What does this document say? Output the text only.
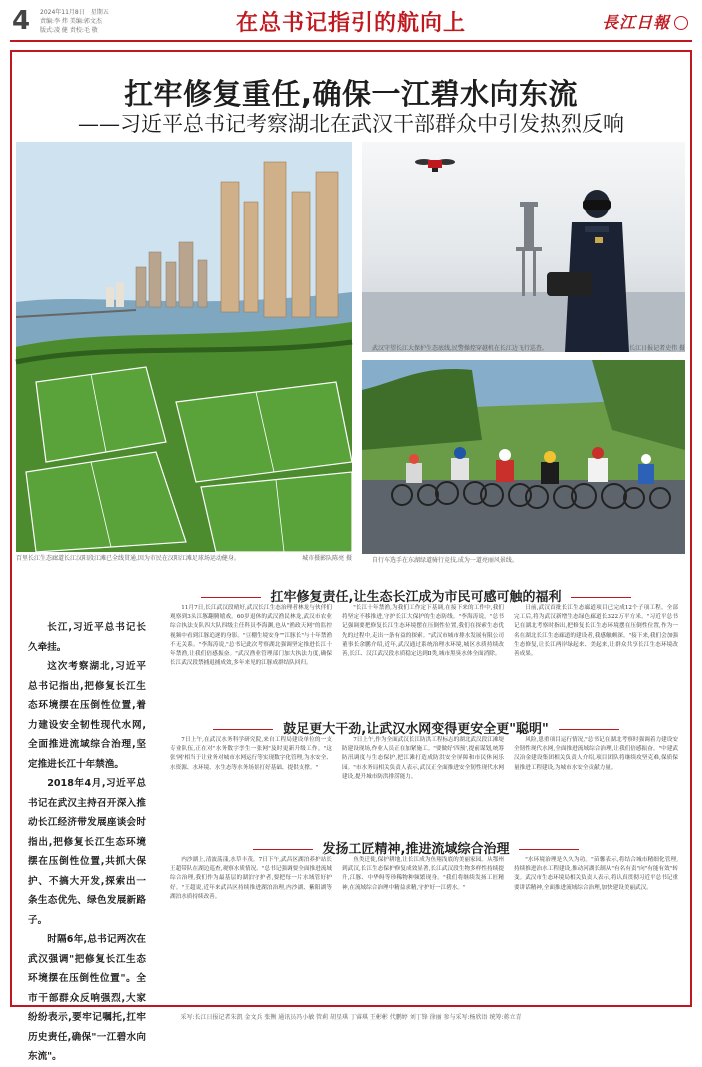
4 2024年11月8日　星期五
责编:李 炜 美编:郭文杰
版式:凌 健 责校:毛 敬	在总书记指引的航向上	長江日報
扛牢修复重任,确保一江碧水向东流
——习近平总书记考察湖北在武汉干部群众中引发热烈反响
百里长江生态廊道长江汉阳段江滩已全线贯通,因为市民在汉阳江滩足球场运动健身。	城市摄影队陈亮 摄
武汉守望长江大保护生态底线,民警操控穿越机在长江边飞行巡查。	长江日报记者史伟 摄
自行车选手在东湖绿道骑行竞技,成为一道亮丽风景线。

长江,习近平总书记长久牵挂。

这次考察湖北,习近平总书记指出,把修复长江生态环境摆在压倒性位置,着力建设安全韧性现代水网,全面推进流域综合治理,坚定推进长江十年禁渔。

2018年4月,习近平总书记在武汉主持召开深入推动长江经济带发展座谈会时指出,把修复长江生态环境摆在压倒性位置,共抓大保护、不搞大开发,探索出一条生态优先、绿色发展新路子。

时隔6年,总书记两次在武汉强调"把修复长江生态环境摆在压倒性位置"。全市干部群众反响强烈,大家纷纷表示,要牢记嘱托,扛牢历史责任,确保"一江碧水向东流"。

扛牢修复责任,让生态长江成为市民可感可触的福利

11月7日,长江武汉段晴好,武汉长江生态治理者林龙与伙伴们观察到3头江豚翻腾嬉戏。60岁退休的武汉渔民林龙,武汉市农业综合执法支队四大队四级主任科员李海渊,也从"渔政天网"的监控视频中看到江豚追逐的身影。"豆棚生境安身""江豚长"与十年禁渔不无关系。"李海涛说,"总书记此次考察湖北强调坚定推进长江十年禁渔,让我们倍感振奋。"武汉渔业管理部门加大执法力度,确保长江武汉段禁捕退捕成效,多年来见的江豚成群结队回归。

"长江十年禁渔,为我们工作定下基调,在接下来的工作中,我们将坚定不移推进,守护长江大保护的生态防线。"李海涛说。"总书记强调要把修复长江生态环境摆在压倒性位置,我们在探索生态优先的过程中,走出一条有益的探索。"武汉市城市排水发展有限公司董事长余鹏介绍,近年,武汉通过系统治理水环境,城区水质持续改善,长江、汉江武汉段水质稳定达到Ⅱ类,城市黑臭水体全面消除。

日前,武汉首批长江生态廊道项目已完成12个子项工程。全部完工后,将为武汉新增生态绿色廊道长322万平方米。"习近平总书记在湖北考察时指出,把修复长江生态环境摆在压倒性位置,作为一名在湖北长江生态廊道的建设者,我感触颇深。"接下来,我们会加强生态修复,让长江两岸绿起来、美起来,让群众共享长江生态环境改善成果。

鼓足更大干劲,让武汉水网变得更安全更"聪明"

7日上午,在武汉水务科学研究院,来自工程局建设单位的一支专业队伍,正在对"水务数字孪生一张网"及时更新升级工作。"这张'网'相当于让业务对城市水网运行等实现数字化管理,为水安全、水资源、水环境、水生态等水务场景打好基础、提供支撑。"

7日上午,作为全面武汉长江防洪工程标志的湖北武汉段江滩堤防建设现场,作业人员正在加紧施工。"要做好'四预',提前谋划,统筹防汛调度与生态保护,把江滩打造成防洪安全屏障和市民休闲乐园。"市水务局相关负责人表示,武汉正全面推进安全韧性现代水网建设,提升城市防洪排涝能力。

风险,患重项目运行情况,"总书记在湖北考察时强调着力建设安全韧性现代水网,全面推进流域综合治理,让我们倍感振奋。"中建武汉冶金建设集团相关负责人介绍,项目团队将继续攻坚克难,保质保量推进工程建设,为城市水安全贡献力量。

发扬工匠精神,推进流域综合治理

内沙湖上,清波荡漾,水草丰茂。7日下午,武昌区湖泊养护站长王超带队在湖边巡查,观察水质情况。"总书记强调要全面推进流域综合治理,我们作为最基层的湖泊守护者,要把每一片水域管好护好。"王超说,近年来武昌区持续推进湖泊治理,内沙湖、紫阳湖等湖泊水质持续改善。

鱼类迁徙,保护耕地,让长江成为鱼翔浅底的美丽家园。从鄂州到武汉,长江生态保护修复成效显著,长江武汉段生物多样性持续提升,江豚、中华鲟等珍稀物种频繁现身。"我们将继续发扬工匠精神,在流域综合治理中精益求精,守护好一江碧水。"

"水环境治理是久久为功。"苗馨表示,将结合城市精细化管理,持续推进治水工程建设,推动河湖长制从"有名有责"向"有能有效"转变。武汉市生态环境局相关负责人表示,将认真贯彻习近平总书记重要讲话精神,全面推进流域综合治理,加快建设美丽武汉。

采写:长江日报记者朱凯 金文兵 张衡 通讯员冯小敏 管莉 胡星琪 丁睿琪 王彬彬 代鹏婷 刘丁锋 徐丽 参与采写:杨欣语 统筹:蒋立青
